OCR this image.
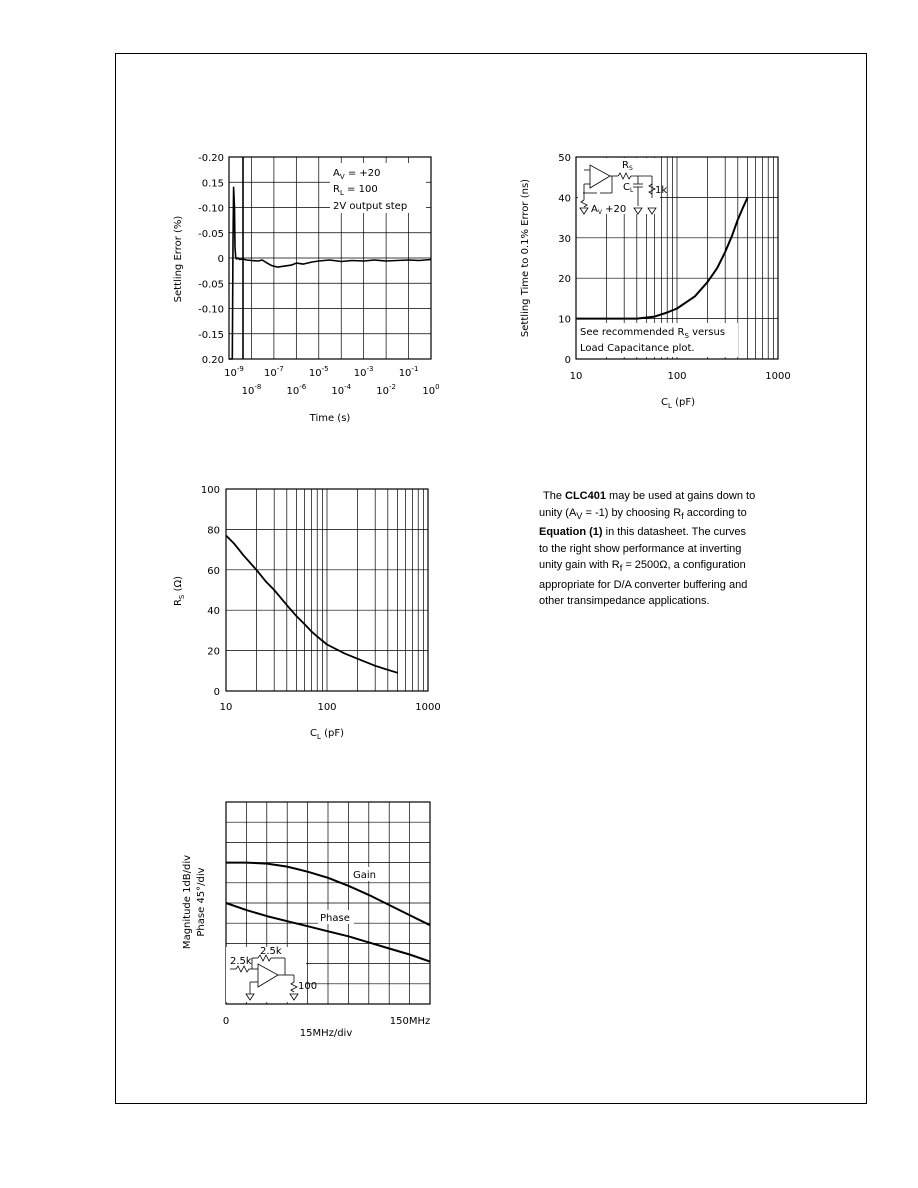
-0.20
0.15
-0.10
-0.05
0
-0.05
-0.10
-0.15
0.20
$10^{-9}$ $10^{-7}$	$10^{-5}$	$10^{-3}$	$10^{-1}$
$10^{-8}$	$10^{-6}$	$10^{-4}$	$10^{-2}$	$10^0$
Settling Error (%)
Time (s)
$A_V = +20$
$R_L = 100$
2V output step
0
10
20
30
40
50
10	100	1000
Settling Time to 0.1% Error (ns)
$C_L$ (pF)
See recommended $R_S$ versus
Load Capacitance plot.
$R_S$
$C_L$ 1k
$A_V +20$
0
20
40
60
80
100
10	100	1000
$R_S$ (Ω)
$C_L$ (pF)
0	150MHz
Magnitude 1dB/div Phase 45°/div
15MHz/div
Gain
Phase
2.5k
2.5k
100
The CLC401 may be used at gains down to
unity $(A_V = -1)$ by choosing $R_f$ according to
Equation (1) in this datasheet. The curves
to the right show performance at inverting
unity gain with $R_f = 2500\Omega$, a configuration
appropriate for D/A converter buffering and
other transimpedance applications.
